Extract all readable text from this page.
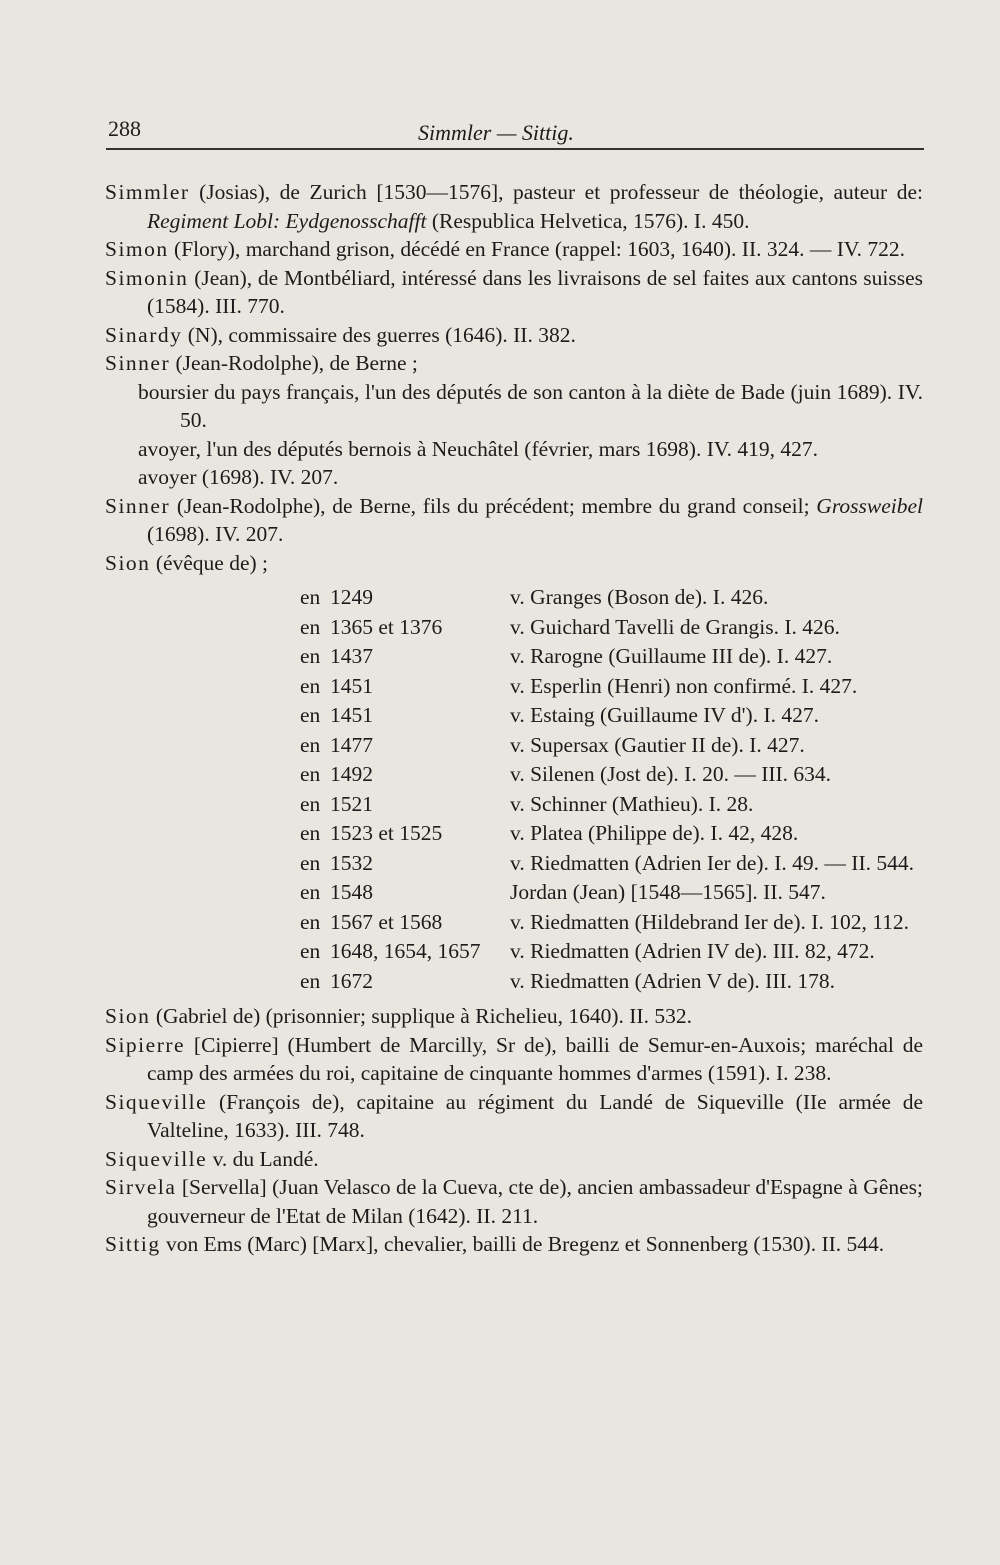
288	Simmler — Sittig.

Simmler (Josias), de Zurich [1530—1576], pasteur et professeur de théologie, auteur de: Regiment Lobl: Eydgenosschafft (Respublica Helvetica, 1576). I. 450.

Simon (Flory), marchand grison, décédé en France (rappel: 1603, 1640). II. 324. — IV. 722.

Simonin (Jean), de Montbéliard, intéressé dans les livraisons de sel faites aux cantons suisses (1584). III. 770.

Sinardy (N), commissaire des guerres (1646). II. 382.

Sinner (Jean-Rodolphe), de Berne ;

boursier du pays français, l'un des députés de son canton à la diète de Bade (juin 1689). IV. 50.

avoyer, l'un des députés bernois à Neuchâtel (février, mars 1698). IV. 419, 427.

avoyer (1698). IV. 207.

Sinner (Jean-Rodolphe), de Berne, fils du précédent; membre du grand conseil; Grossweibel (1698). IV. 207.

Sion (évêque de) ;

en 1249	v. Granges (Boson de). I. 426.
en 1365 et 1376	v. Guichard Tavelli de Grangis. I. 426.
en 1437	v. Rarogne (Guillaume III de). I. 427.
en 1451	v. Esperlin (Henri) non confirmé. I. 427.
en 1451	v. Estaing (Guillaume IV d'). I. 427.
en 1477	v. Supersax (Gautier II de). I. 427.
en 1492	v. Silenen (Jost de). I. 20. — III. 634.
en 1521	v. Schinner (Mathieu). I. 28.
en 1523 et 1525	v. Platea (Philippe de). I. 42, 428.
en 1532	v. Riedmatten (Adrien Ier de). I. 49. — II. 544.
en 1548	Jordan (Jean) [1548—1565]. II. 547.
en 1567 et 1568	v. Riedmatten (Hildebrand Ier de). I. 102, 112.
en 1648, 1654, 1657 v. Riedmatten (Adrien IV de). III. 82, 472.
en 1672	v. Riedmatten (Adrien V de). III. 178.

Sion (Gabriel de) (prisonnier; supplique à Richelieu, 1640). II. 532.

Sipierre [Cipierre] (Humbert de Marcilly, Sr de), bailli de Semur-en-Auxois; maréchal de camp des armées du roi, capitaine de cinquante hommes d'armes (1591). I. 238.

Siqueville (François de), capitaine au régiment du Landé de Siqueville (IIe armée de Valteline, 1633). III. 748.

Siqueville v. du Landé.

Sirvela [Servella] (Juan Velasco de la Cueva, cte de), ancien ambassadeur d'Espagne à Gênes; gouverneur de l'Etat de Milan (1642). II. 211.

Sittig von Ems (Marc) [Marx], chevalier, bailli de Bregenz et Sonnenberg (1530). II. 544.
